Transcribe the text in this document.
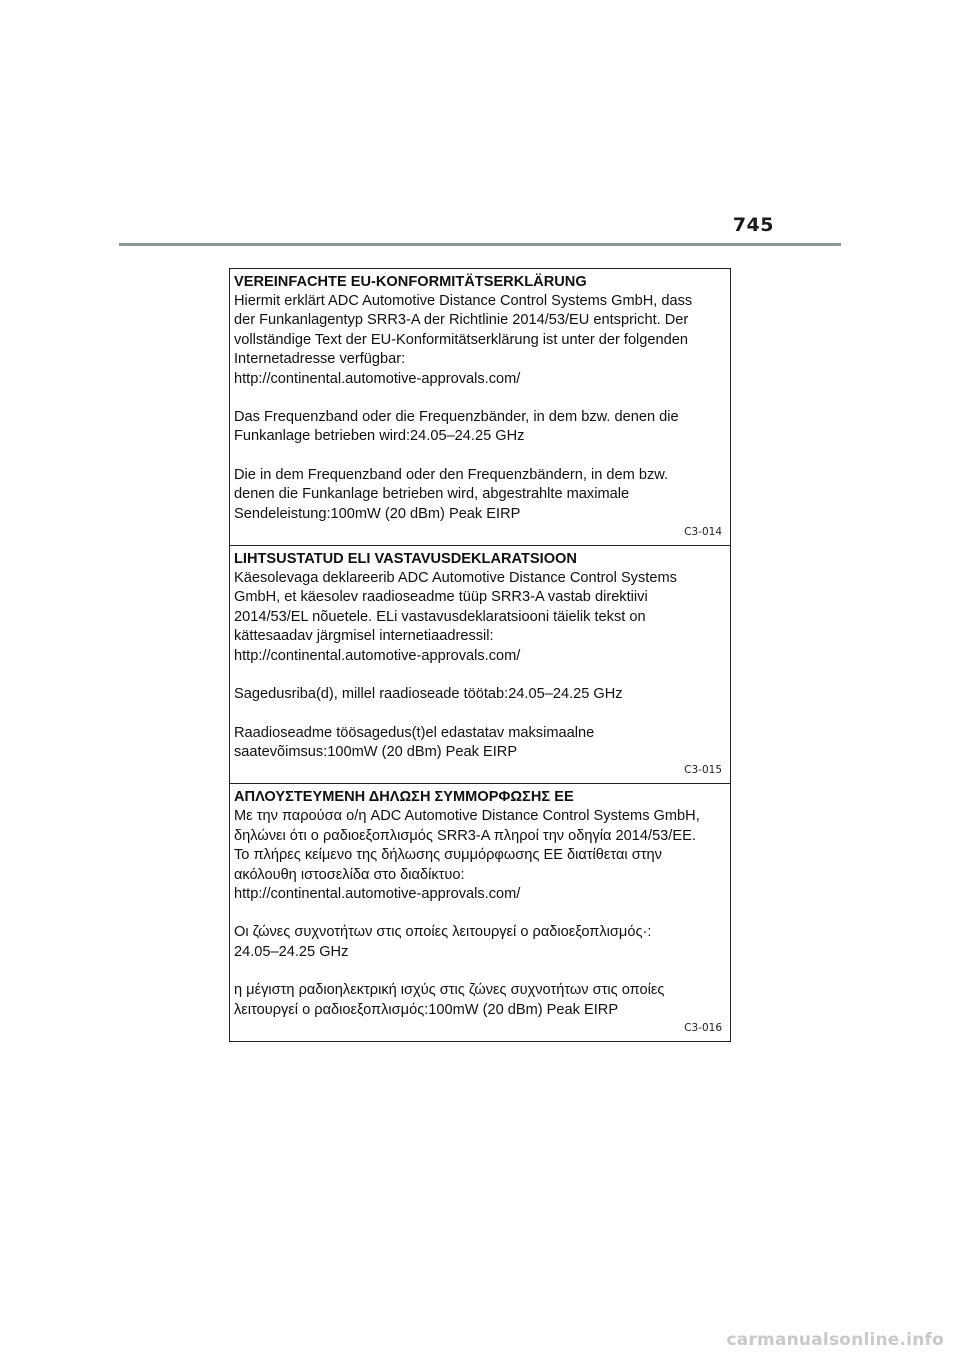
745

VEREINFACHTE EU-KONFORMITÄTSERKLÄRUNG

Hiermit erklärt ADC Automotive Distance Control Systems GmbH, dass
der Funkanlagentyp SRR3-A der Richtlinie 2014/53/EU entspricht. Der
vollständige Text der EU-Konformitätserklärung ist unter der folgenden
Internetadresse verfügbar:
http://continental.automotive-approvals.com/

Das Frequenzband oder die Frequenzbänder, in dem bzw. denen die
Funkanlage betrieben wird:24.05–24.25 GHz

Die in dem Frequenzband oder den Frequenzbändern, in dem bzw.
denen die Funkanlage betrieben wird, abgestrahlte maximale
Sendeleistung:100mW (20 dBm) Peak EIRP

C3-014

LIHTSUSTATUD ELI VASTAVUSDEKLARATSIOON

Käesolevaga deklareerib ADC Automotive Distance Control Systems
GmbH, et käesolev raadioseadme tüüp SRR3-A vastab direktiivi
2014/53/EL nõuetele. ELi vastavusdeklaratsiooni täielik tekst on
kättesaadav järgmisel internetiaadressil:
http://continental.automotive-approvals.com/

Sagedusriba(d), millel raadioseade töötab:24.05–24.25 GHz

Raadioseadme töösagedus(t)el edastatav maksimaalne
saatevõimsus:100mW (20 dBm) Peak EIRP

C3-015

ΑΠΛΟΥΣΤΕΥΜΕΝΗ ΔΗΛΩΣΗ ΣΥΜΜΟΡΦΩΣΗΣ ΕΕ

Με την παρούσα ο/η ADC Automotive Distance Control Systems GmbH,
δηλώνει ότι ο ραδιοεξοπλισμός SRR3-A πληροί την οδηγία 2014/53/ΕΕ.
Το πλήρες κείμενο της δήλωσης συμμόρφωσης ΕΕ διατίθεται στην
ακόλουθη ιστοσελίδα στο διαδίκτυο:
http://continental.automotive-approvals.com/

Οι ζώνες συχνοτήτων στις οποίες λειτουργεί ο ραδιοεξοπλισμός·:
24.05–24.25 GHz

η μέγιστη ραδιοηλεκτρική ισχύς στις ζώνες συχνοτήτων στις οποίες
λειτουργεί ο ραδιοεξοπλισμός:100mW (20 dBm) Peak EIRP

C3-016
carmanualsonline.info
